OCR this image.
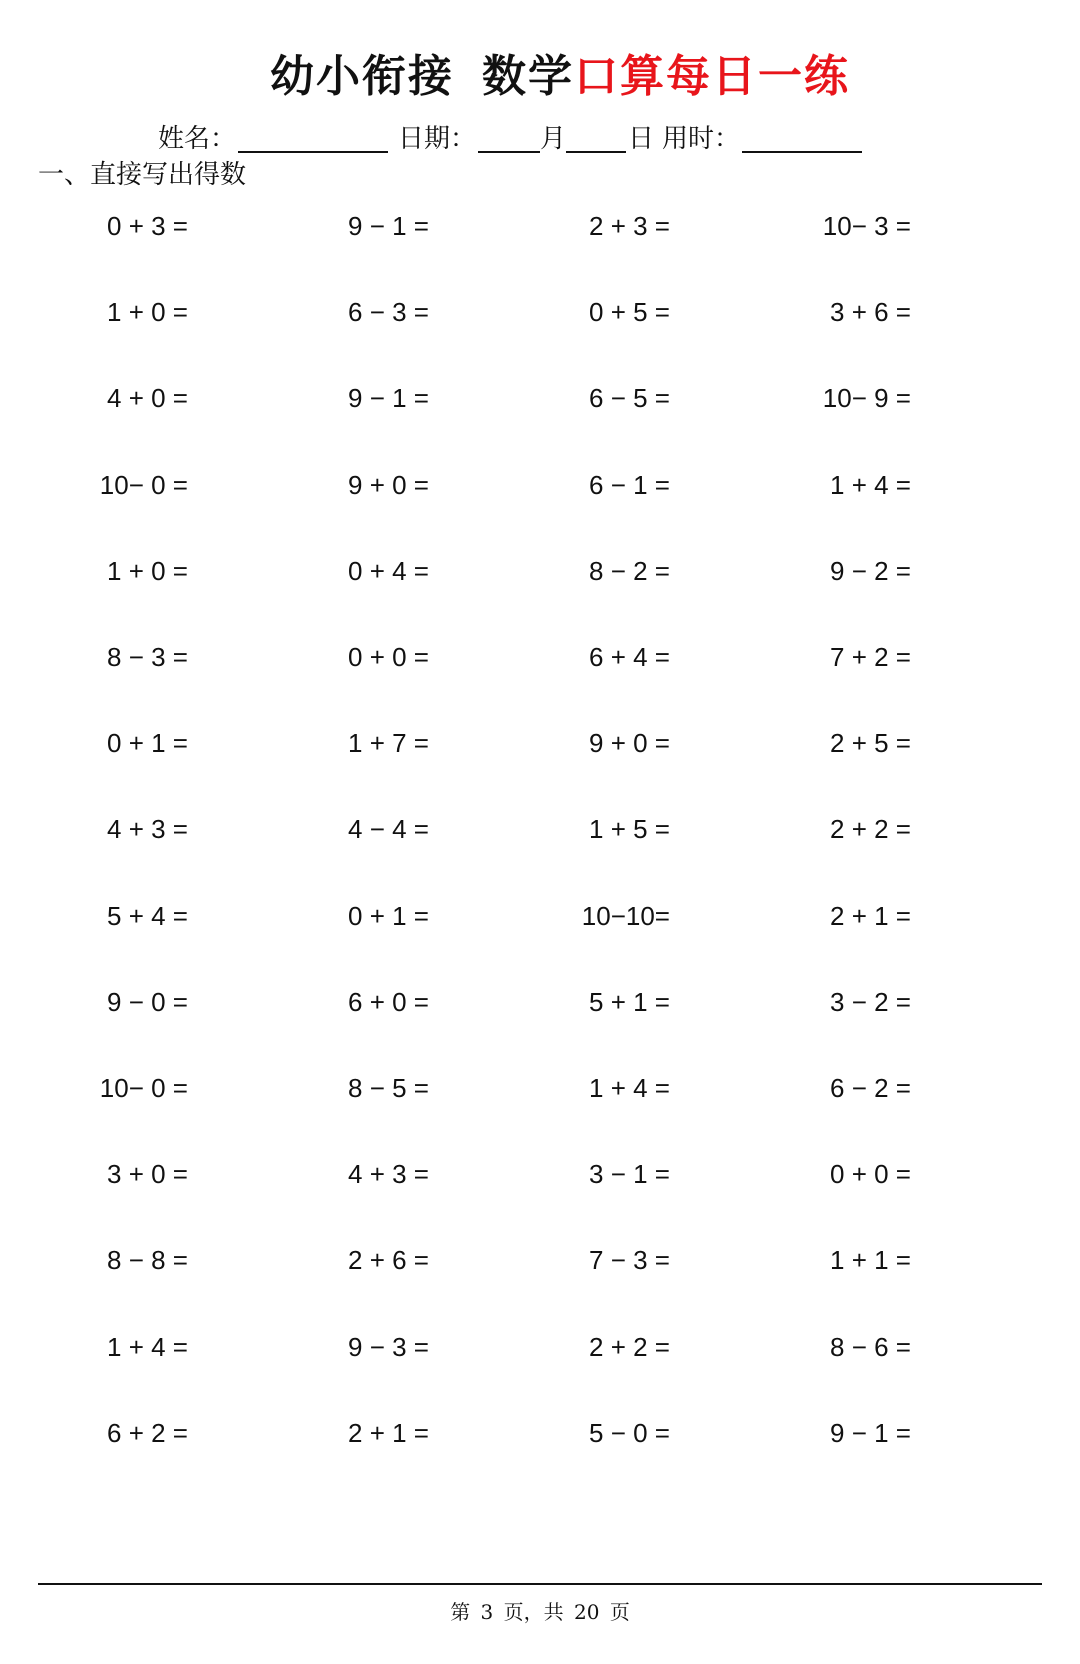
幼小衔接 数学口算每日一练
姓名：	日期： 月 日 用时：
一、直接写出得数
0 + 3 =	9 − 1 =	2 + 3 =	10− 3 =
1 + 0 =	6 − 3 =	0 + 5 =	3 + 6 =
4 + 0 =	9 − 1 =	6 − 5 =	10− 9 =
10− 0 =	9 + 0 =	6 − 1 =	1 + 4 =
1 + 0 =	0 + 4 =	8 − 2 =	9 − 2 =
8 − 3 =	0 + 0 =	6 + 4 =	7 + 2 =
0 + 1 =	1 + 7 =	9 + 0 =	2 + 5 =
4 + 3 =	4 − 4 =	1 + 5 =	2 + 2 =
5 + 4 =	0 + 1 =	10−10=	2 + 1 =
9 − 0 =	6 + 0 =	5 + 1 =	3 − 2 =
10− 0 =	8 − 5 =	1 + 4 =	6 − 2 =
3 + 0 =	4 + 3 =	3 − 1 =	0 + 0 =
8 − 8 =	2 + 6 =	7 − 3 =	1 + 1 =
1 + 4 =	9 − 3 =	2 + 2 =	8 − 6 =
6 + 2 =	2 + 1 =	5 − 0 =	9 − 1 =
第 3 页，共 20 页
